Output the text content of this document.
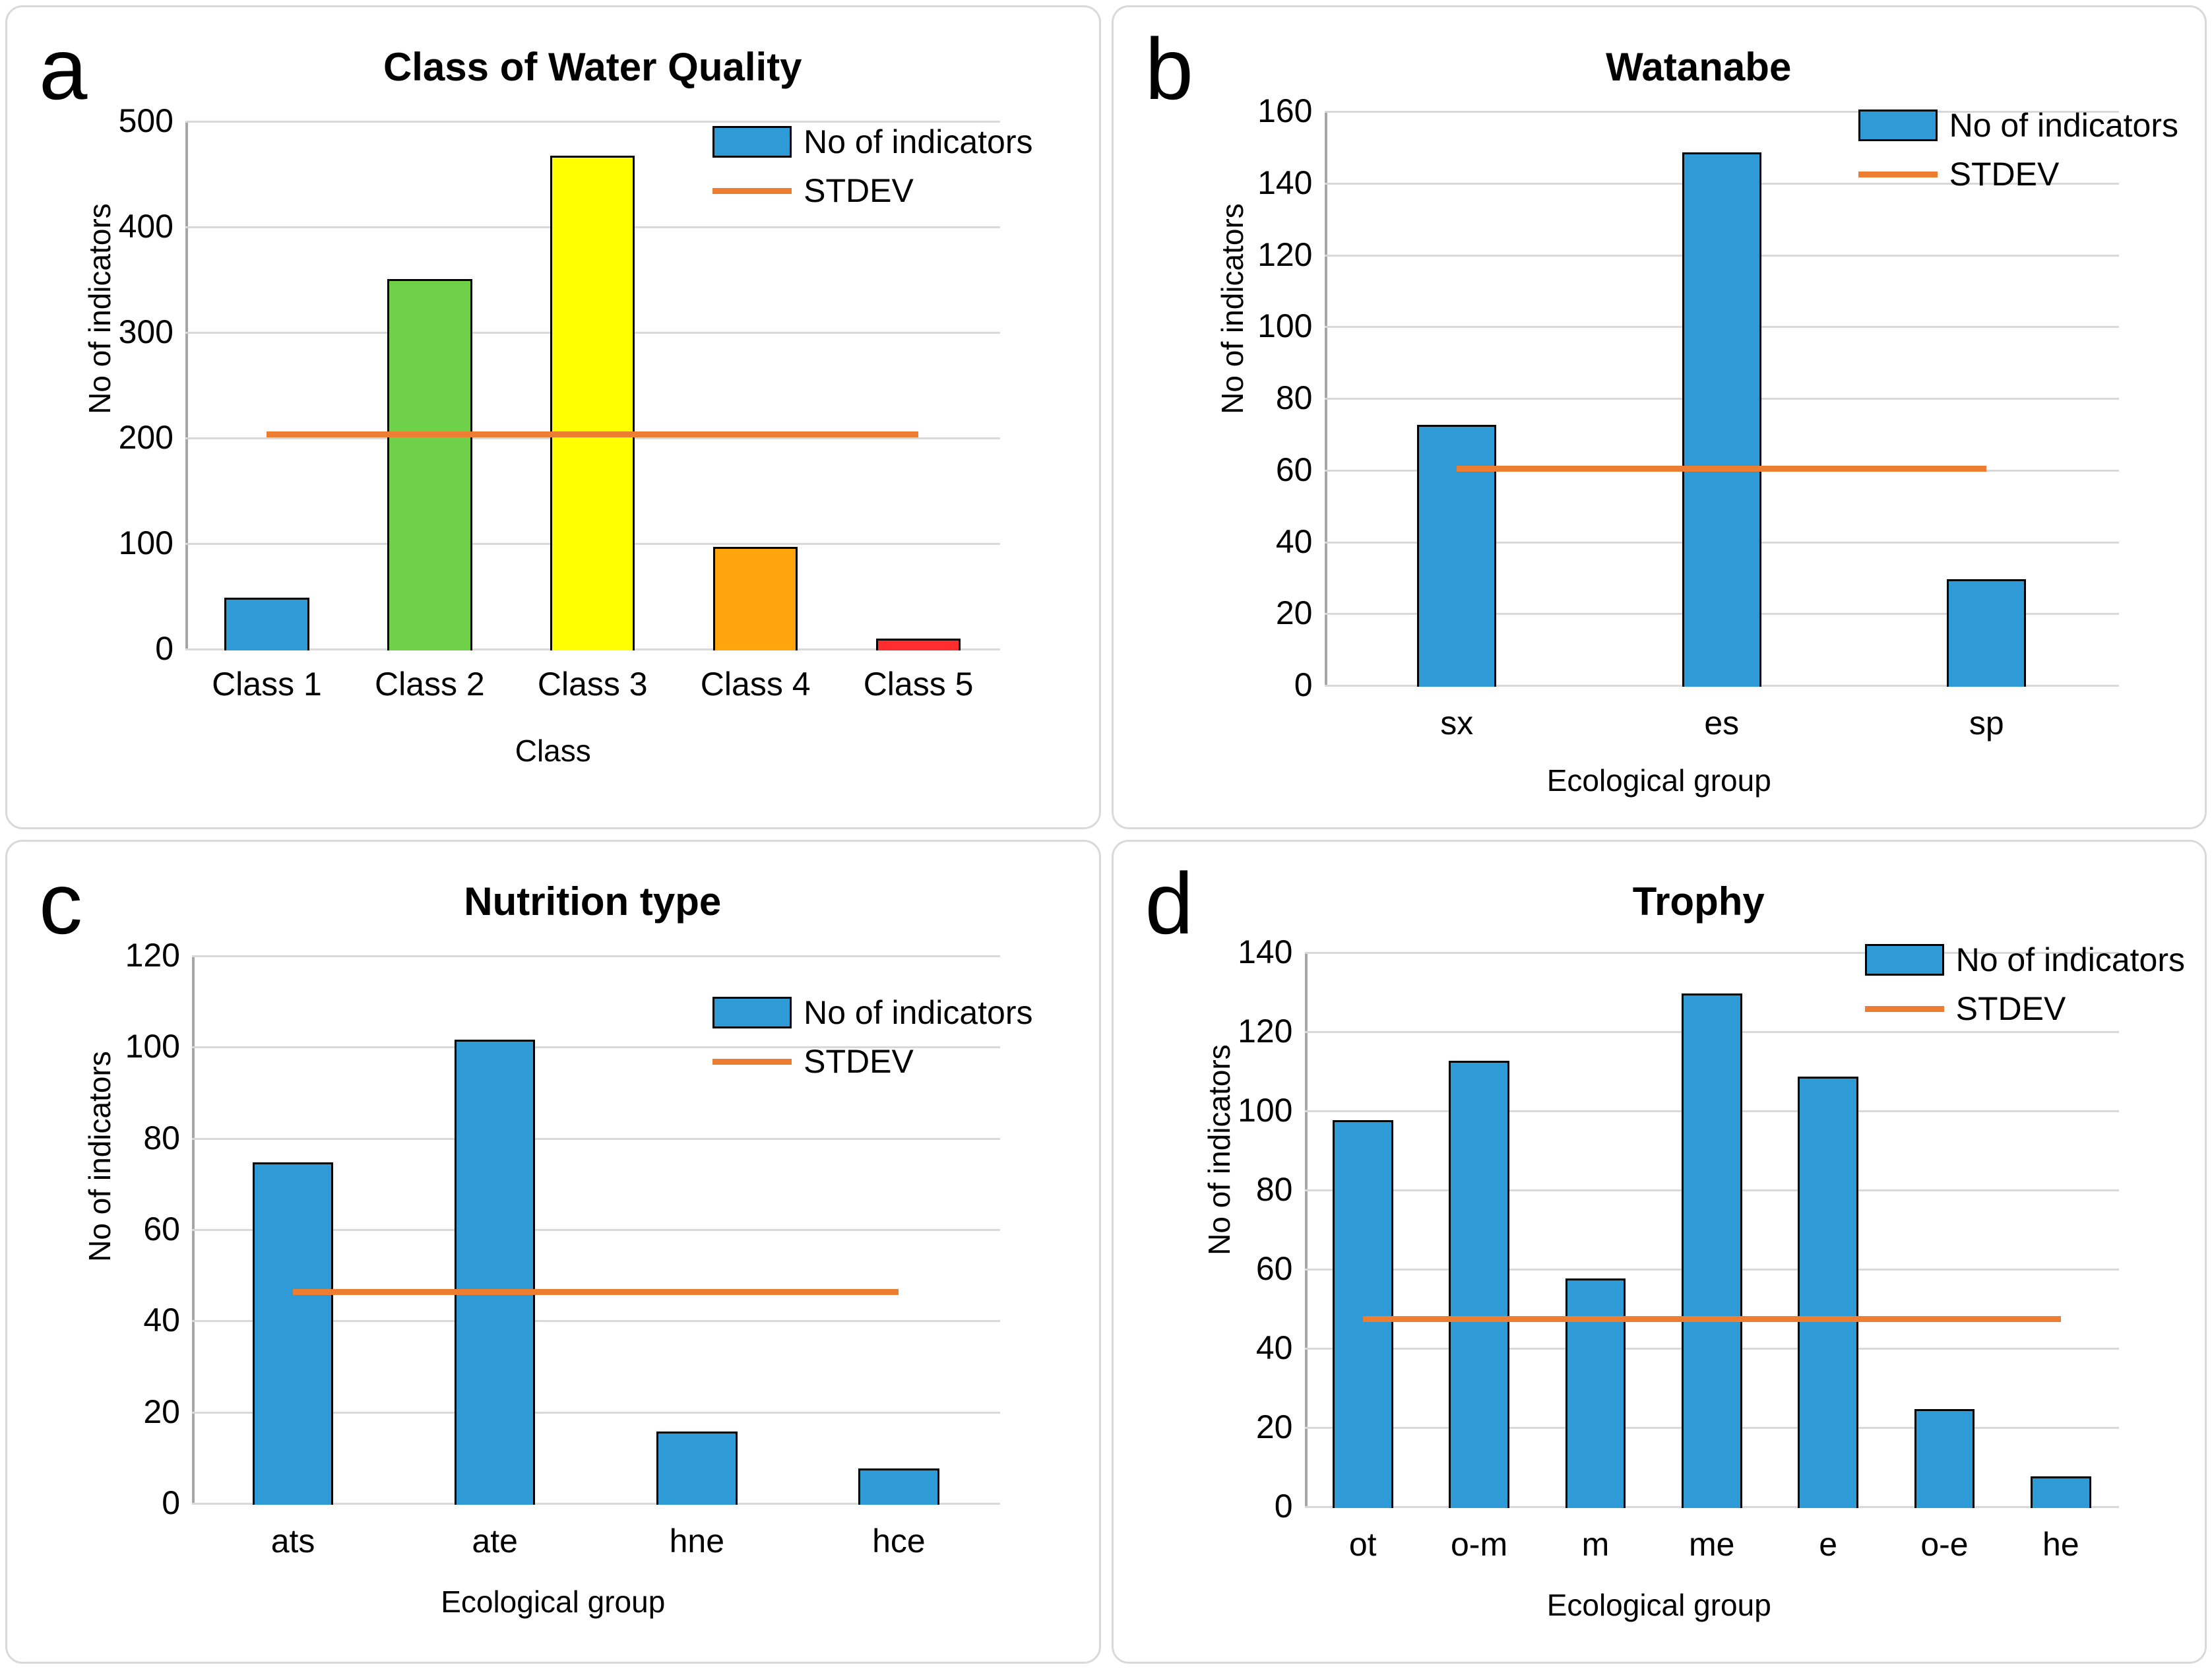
a	Class of Water Quality
No of indicators
0
100
200
300
400
500
Class 1	Class 2	Class 3	Class 4	Class 5
Class
No of indicators
STDEV
b	Watanabe
No of indicators
0
20
40
60
80
100
120
140
160
sx	es	sp
Ecological group
No of indicators
STDEV
c	Nutrition type
No of indicators
0
20
40
60
80
100
120
ats	ate	hne	hce
Ecological group
No of indicators
STDEV
d	Trophy
No of indicators
0
20
40
60
80
100
120
140
ot	o-m	m	me	e	o-e	he
Ecological group
No of indicators
STDEV
